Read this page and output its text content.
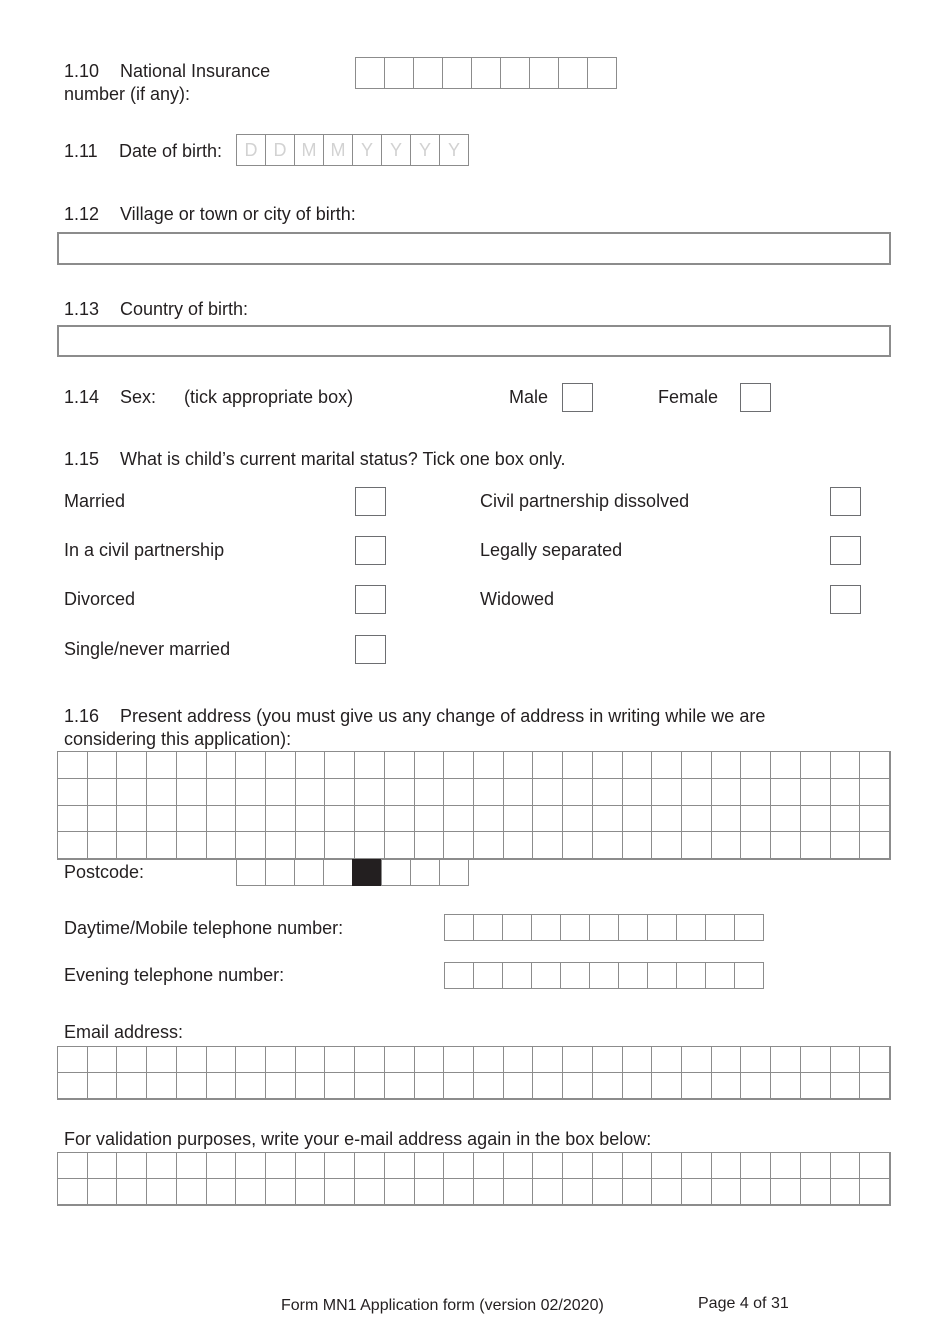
1.10 National Insurance
number (if any):
1.11 Date of birth:	D D M M Y Y Y Y
1.12 Village or town or city of birth:
1.13 Country of birth:
1.14 Sex: (tick appropriate box)	Male	Female
1.15 What is child’s current marital status? Tick one box only.
Married	Civil partnership dissolved
In a civil partnership	Legally separated
Divorced	Widowed
Single/never married
1.16 Present address (you must give us any change of address in writing while we are
considering this application):
Postcode:
Daytime/Mobile telephone number:
Evening telephone number:
Email address:
For validation purposes, write your e-mail address again in the box below:
Form MN1 Application form (version 02/2020)	Page 4 of 31
